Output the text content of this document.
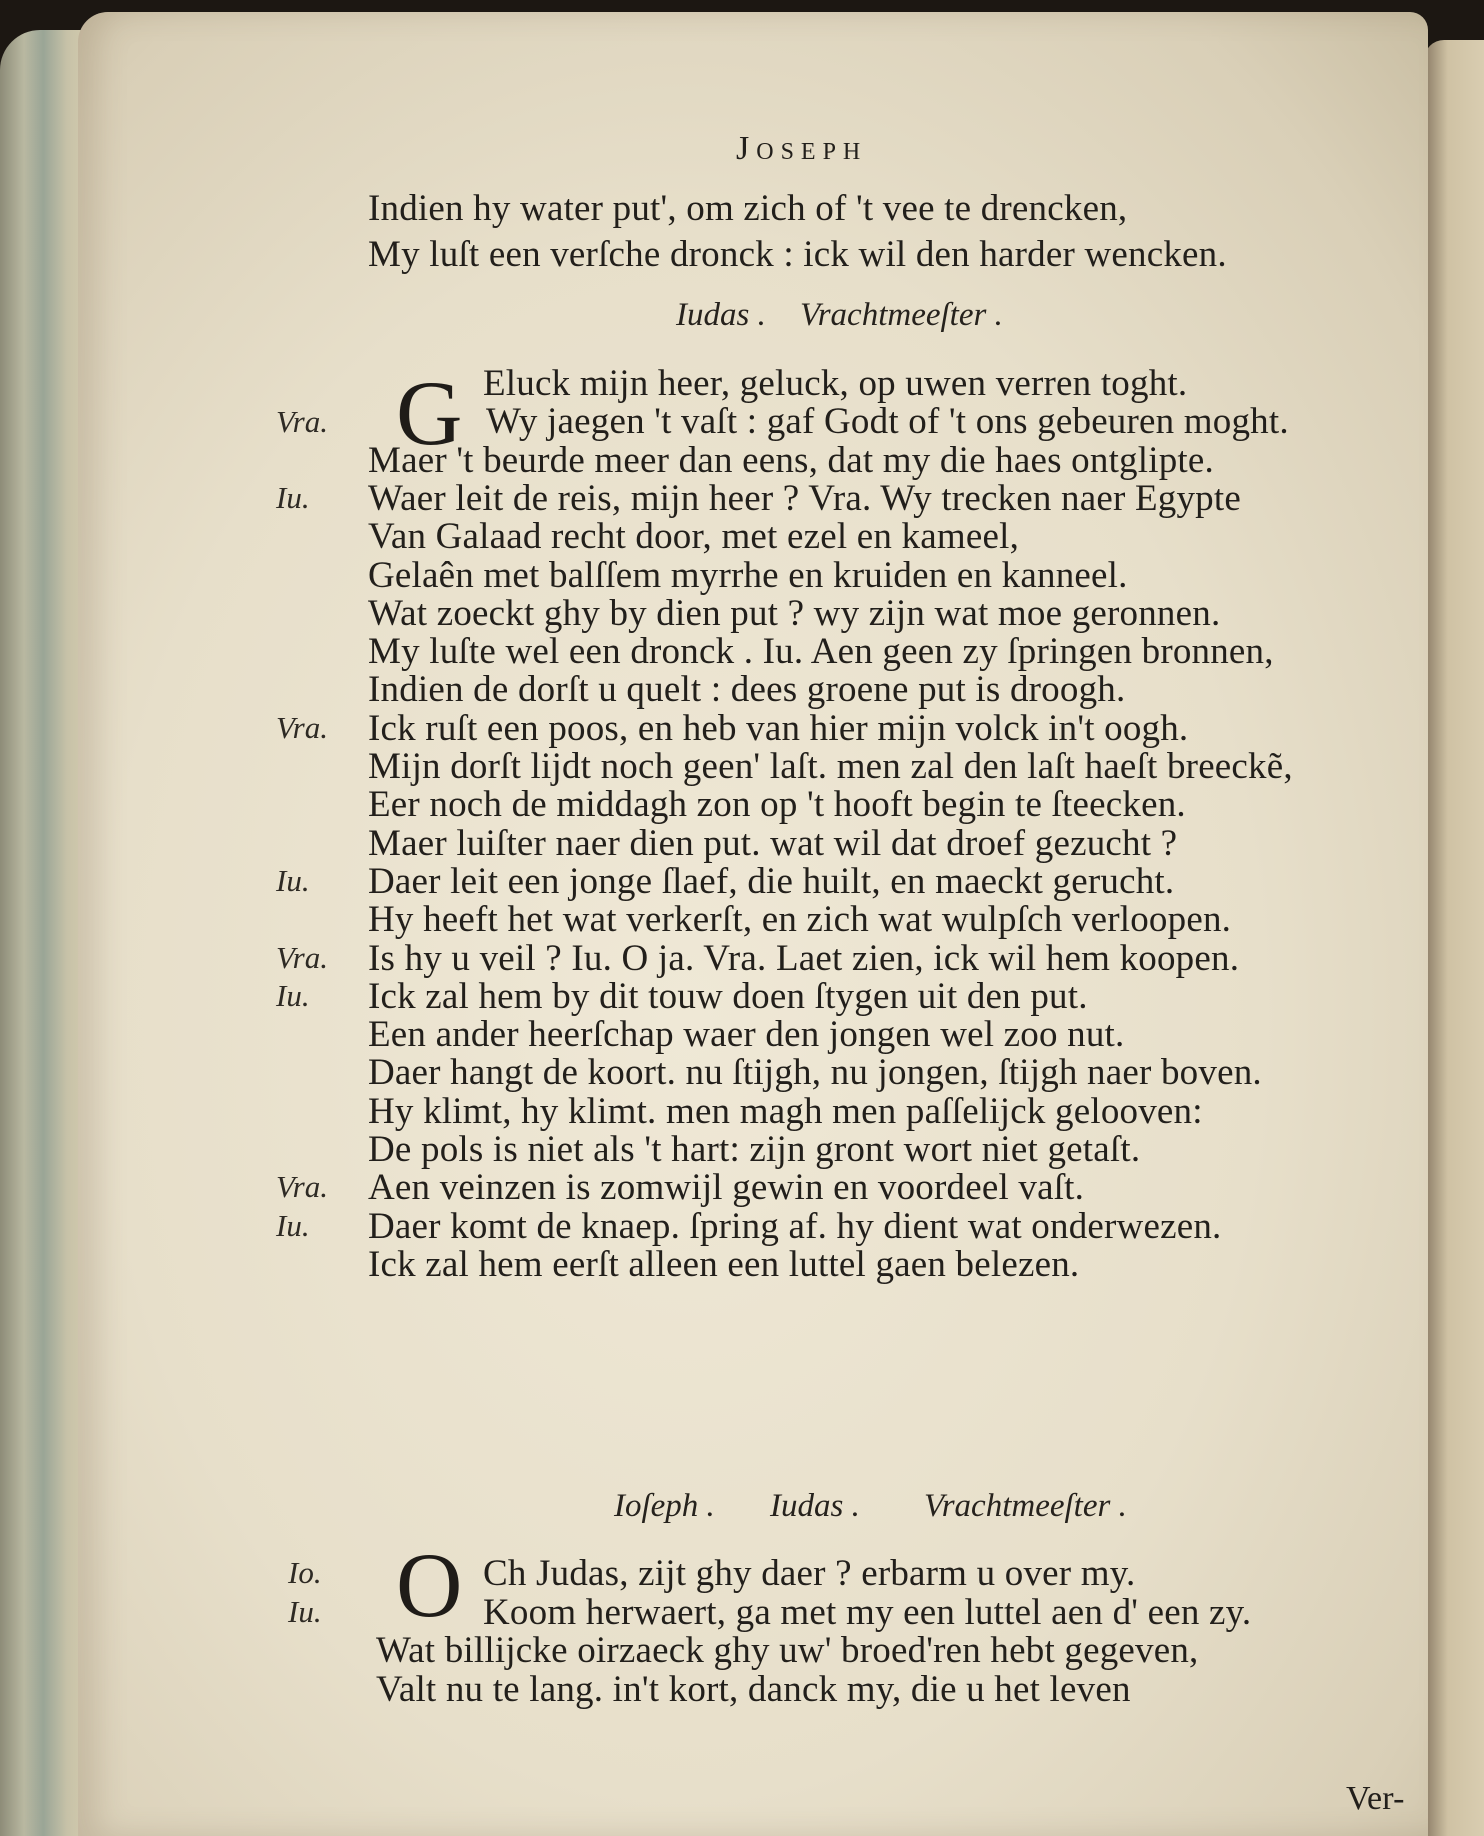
Joseph
G
O
Ver-
Indien hy water put', om zich of 't vee te drencken,
My luſt een verſche dronck : ick wil den harder wencken.
Iudas . Vrachtmeeſter .
Eluck mijn heer, geluck, op uwen verren toght.
Wy jaegen 't vaſt : gaf Godt of 't ons gebeuren moght.
Vra.
Maer 't beurde meer dan eens, dat my die haes ontglipte.
Waer leit de reis, mijn heer ? Vra. Wy trecken naer Egypte
Iu.
Van Galaad recht door, met ezel en kameel,
Gelaên met balſſem myrrhe en kruiden en kanneel.
Wat zoeckt ghy by dien put ? wy zijn wat moe geronnen.
My luſte wel een dronck . Iu. Aen geen zy ſpringen bronnen,
Indien de dorſt u quelt : dees groene put is droogh.
Ick ruſt een poos, en heb van hier mijn volck in't oogh.
Vra.
Mijn dorſt lijdt noch geen' laſt. men zal den laſt haeſt breeckẽ,
Eer noch de middagh zon op 't hooft begin te ſteecken.
Maer luiſter naer dien put. wat wil dat droef gezucht ?
Daer leit een jonge ſlaef, die huilt, en maeckt gerucht.
Iu.
Hy heeft het wat verkerſt, en zich wat wulpſch verloopen.
Is hy u veil ? Iu. O ja. Vra. Laet zien, ick wil hem koopen.
Vra.
Ick zal hem by dit touw doen ſtygen uit den put.
Iu.
Een ander heerſchap waer den jongen wel zoo nut.
Daer hangt de koort. nu ſtijgh, nu jongen, ſtijgh naer boven.
Hy klimt, hy klimt. men magh men paſſelijck gelooven:
De pols is niet als 't hart: zijn gront wort niet getaſt.
Aen veinzen is zomwijl gewin en voordeel vaſt.
Vra.
Daer komt de knaep. ſpring af. hy dient wat onderwezen.
Iu.
Ick zal hem eerſt alleen een luttel gaen belezen.
Ioſeph . Iudas . Vrachtmeeſter .
Ch Judas, zijt ghy daer ? erbarm u over my.
Io.
Koom herwaert, ga met my een luttel aen d' een zy.
Iu.
Wat billijcke oirzaeck ghy uw' broed'ren hebt gegeven,
Valt nu te lang. in't kort, danck my, die u het leven
